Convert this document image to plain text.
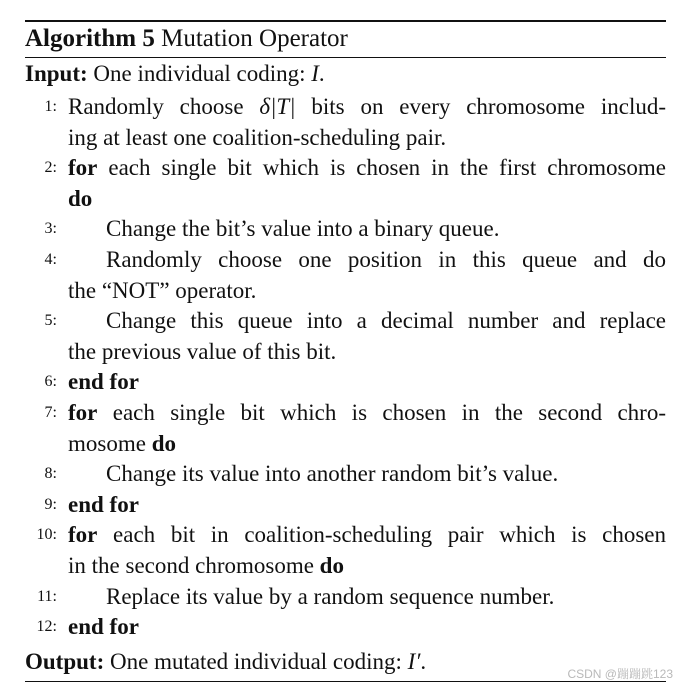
Algorithm 5 Mutation Operator
Input: One individual coding: I.
1: Randomly choose δ|T| bits on every chromosome includ-
ing at least one coalition-scheduling pair.
2: for each single bit which is chosen in the first chromosome
do
3:	Change the bit’s value into a binary queue.
4:	Randomly choose one position in this queue and do
the “NOT” operator.
5:	Change this queue into a decimal number and replace
the previous value of this bit.
6: end for
7: for each single bit which is chosen in the second chro-
mosome do
8:	Change its value into another random bit’s value.
9: end for
10: for each bit in coalition-scheduling pair which is chosen
in the second chromosome do
11:	Replace its value by a random sequence number.
12: end for
Output: One mutated individual coding: I′.	CSDN @蹦蹦跳123
